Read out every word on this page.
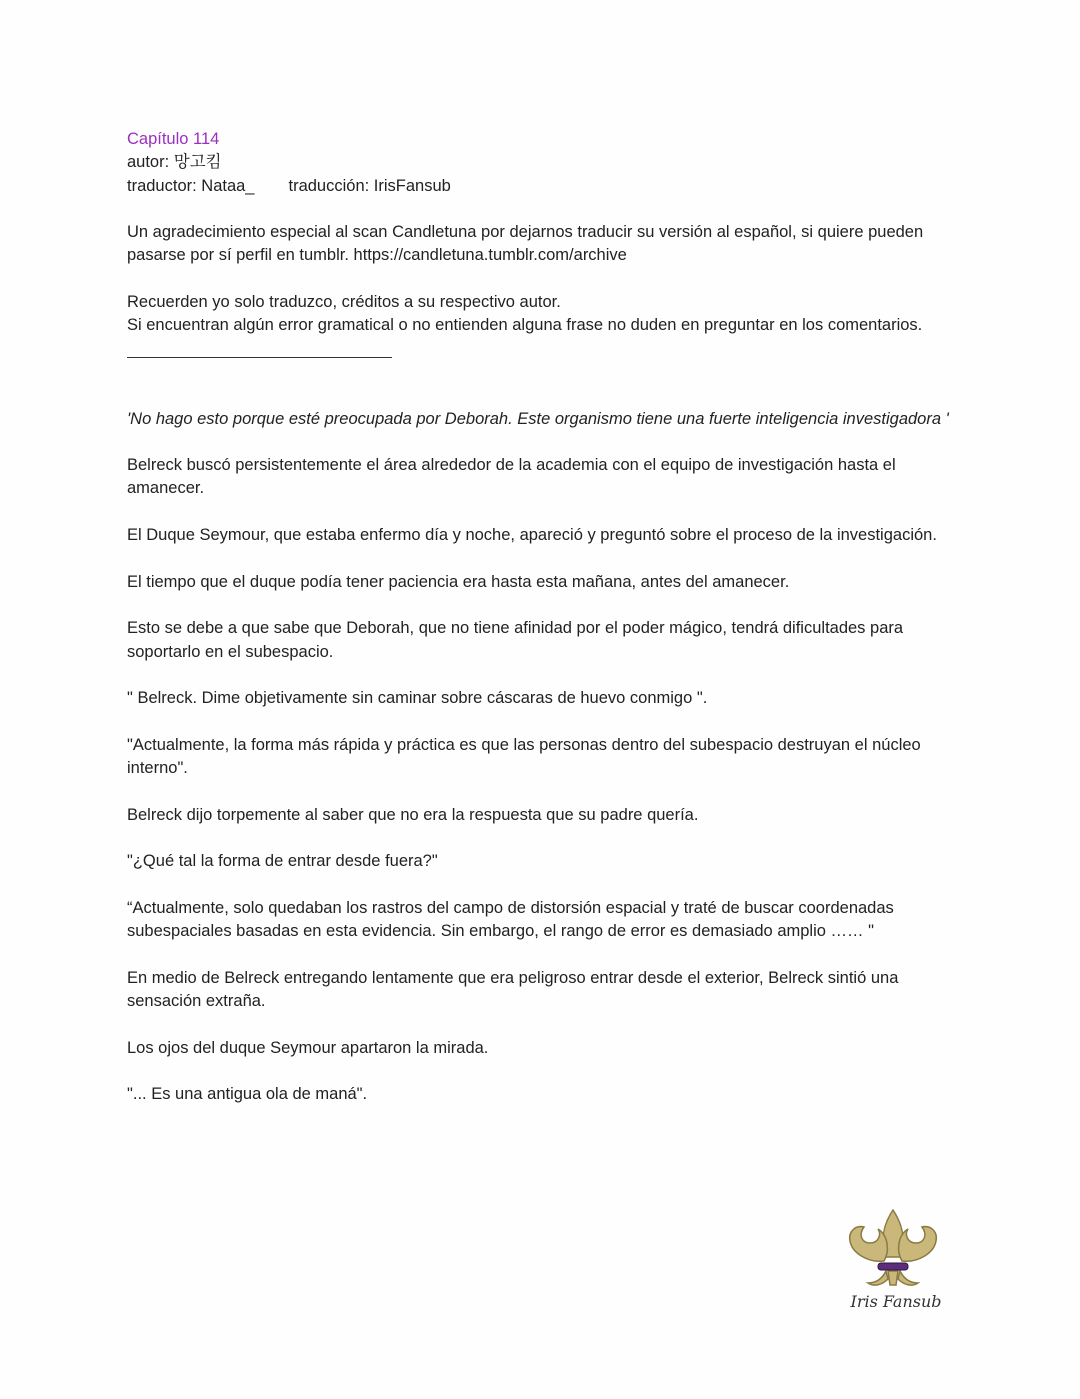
Capítulo 114
autor: 망고킴
traductor: Nataa_ traducción: IrisFansub
Un agradecimiento especial al scan Candletuna por dejarnos traducir su versión al español, si quiere pueden pasarse por sí perfil en tumblr. https://candletuna.tumblr.com/archive
Recuerden yo solo traduzco, créditos a su respectivo autor.
Si encuentran algún error gramatical o no entienden alguna frase no duden en preguntar en los comentarios.
'No hago esto porque esté preocupada por Deborah. Este organismo tiene una fuerte inteligencia investigadora '
Belreck buscó persistentemente el área alrededor de la academia con el equipo de investigación hasta el amanecer.
El Duque Seymour, que estaba enfermo día y noche, apareció y preguntó sobre el proceso de la investigación.
El tiempo que el duque podía tener paciencia era hasta esta mañana, antes del amanecer.
Esto se debe a que sabe que Deborah, que no tiene afinidad por el poder mágico, tendrá dificultades para soportarlo en el subespacio.
" Belreck. Dime objetivamente sin caminar sobre cáscaras de huevo conmigo ".
"Actualmente, la forma más rápida y práctica es que las personas dentro del subespacio destruyan el núcleo interno".
Belreck dijo torpemente al saber que no era la respuesta que su padre quería.
"¿Qué tal la forma de entrar desde fuera?"
“Actualmente, solo quedaban los rastros del campo de distorsión espacial y traté de buscar coordenadas subespaciales basadas en esta evidencia. Sin embargo, el rango de error es demasiado amplio …… "
En medio de Belreck entregando lentamente que era peligroso entrar desde el exterior, Belreck sintió una sensación extraña.
Los ojos del duque Seymour apartaron la mirada.
"... Es una antigua ola de maná".
Iris Fansub
